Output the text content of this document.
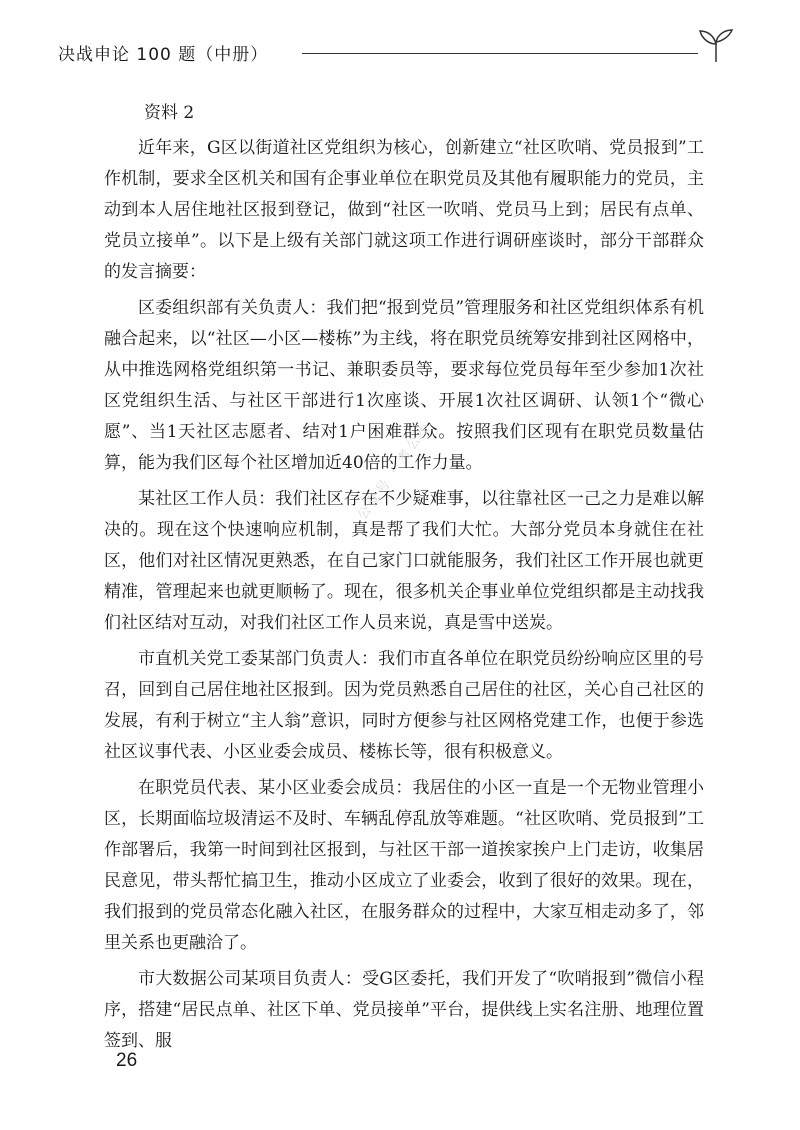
决战申论 100 题（中册）
资料 2

近年来，G区以街道社区党组织为核心，创新建立“社区吹哨、党员报到”工作机制，要求全区机关和国有企事业单位在职党员及其他有履职能力的党员，主动到本人居住地社区报到登记，做到“社区一吹哨、党员马上到；居民有点单、党员立接单”。以下是上级有关部门就这项工作进行调研座谈时，部分干部群众的发言摘要：

区委组织部有关负责人：我们把“报到党员”管理服务和社区党组织体系有机融合起来，以“社区—小区—楼栋”为主线，将在职党员统筹安排到社区网格中，从中推选网格党组织第一书记、兼职委员等，要求每位党员每年至少参加1次社区党组织生活、与社区干部进行1次座谈、开展1次社区调研、认领1个“微心愿”、当1天社区志愿者、结对1户困难群众。按照我们区现有在职党员数量估算，能为我们区每个社区增加近40倍的工作力量。

某社区工作人员：我们社区存在不少疑难事，以往靠社区一己之力是难以解决的。现在这个快速响应机制，真是帮了我们大忙。大部分党员本身就住在社区，他们对社区情况更熟悉，在自己家门口就能服务，我们社区工作开展也就更精准，管理起来也就更顺畅了。现在，很多机关企事业单位党组织都是主动找我们社区结对互动，对我们社区工作人员来说，真是雪中送炭。

市直机关党工委某部门负责人：我们市直各单位在职党员纷纷响应区里的号召，回到自己居住地社区报到。因为党员熟悉自己居住的社区，关心自己社区的发展，有利于树立“主人翁”意识，同时方便参与社区网格党建工作，也便于参选社区议事代表、小区业委会成员、楼栋长等，很有积极意义。

在职党员代表、某小区业委会成员：我居住的小区一直是一个无物业管理小区，长期面临垃圾清运不及时、车辆乱停乱放等难题。“社区吹哨、党员报到”工作部署后，我第一时间到社区报到，与社区干部一道挨家挨户上门走访，收集居民意见，带头帮忙搞卫生，推动小区成立了业委会，收到了很好的效果。现在，我们报到的党员常态化融入社区，在服务群众的过程中，大家互相走动多了，邻里关系也更融洽了。

市大数据公司某项目负责人：受G区委托，我们开发了“吹哨报到”微信小程序，搭建“居民点单、社区下单、党员接单”平台，提供线上实名注册、地理位置签到、服

公众号 · 考公小
26
